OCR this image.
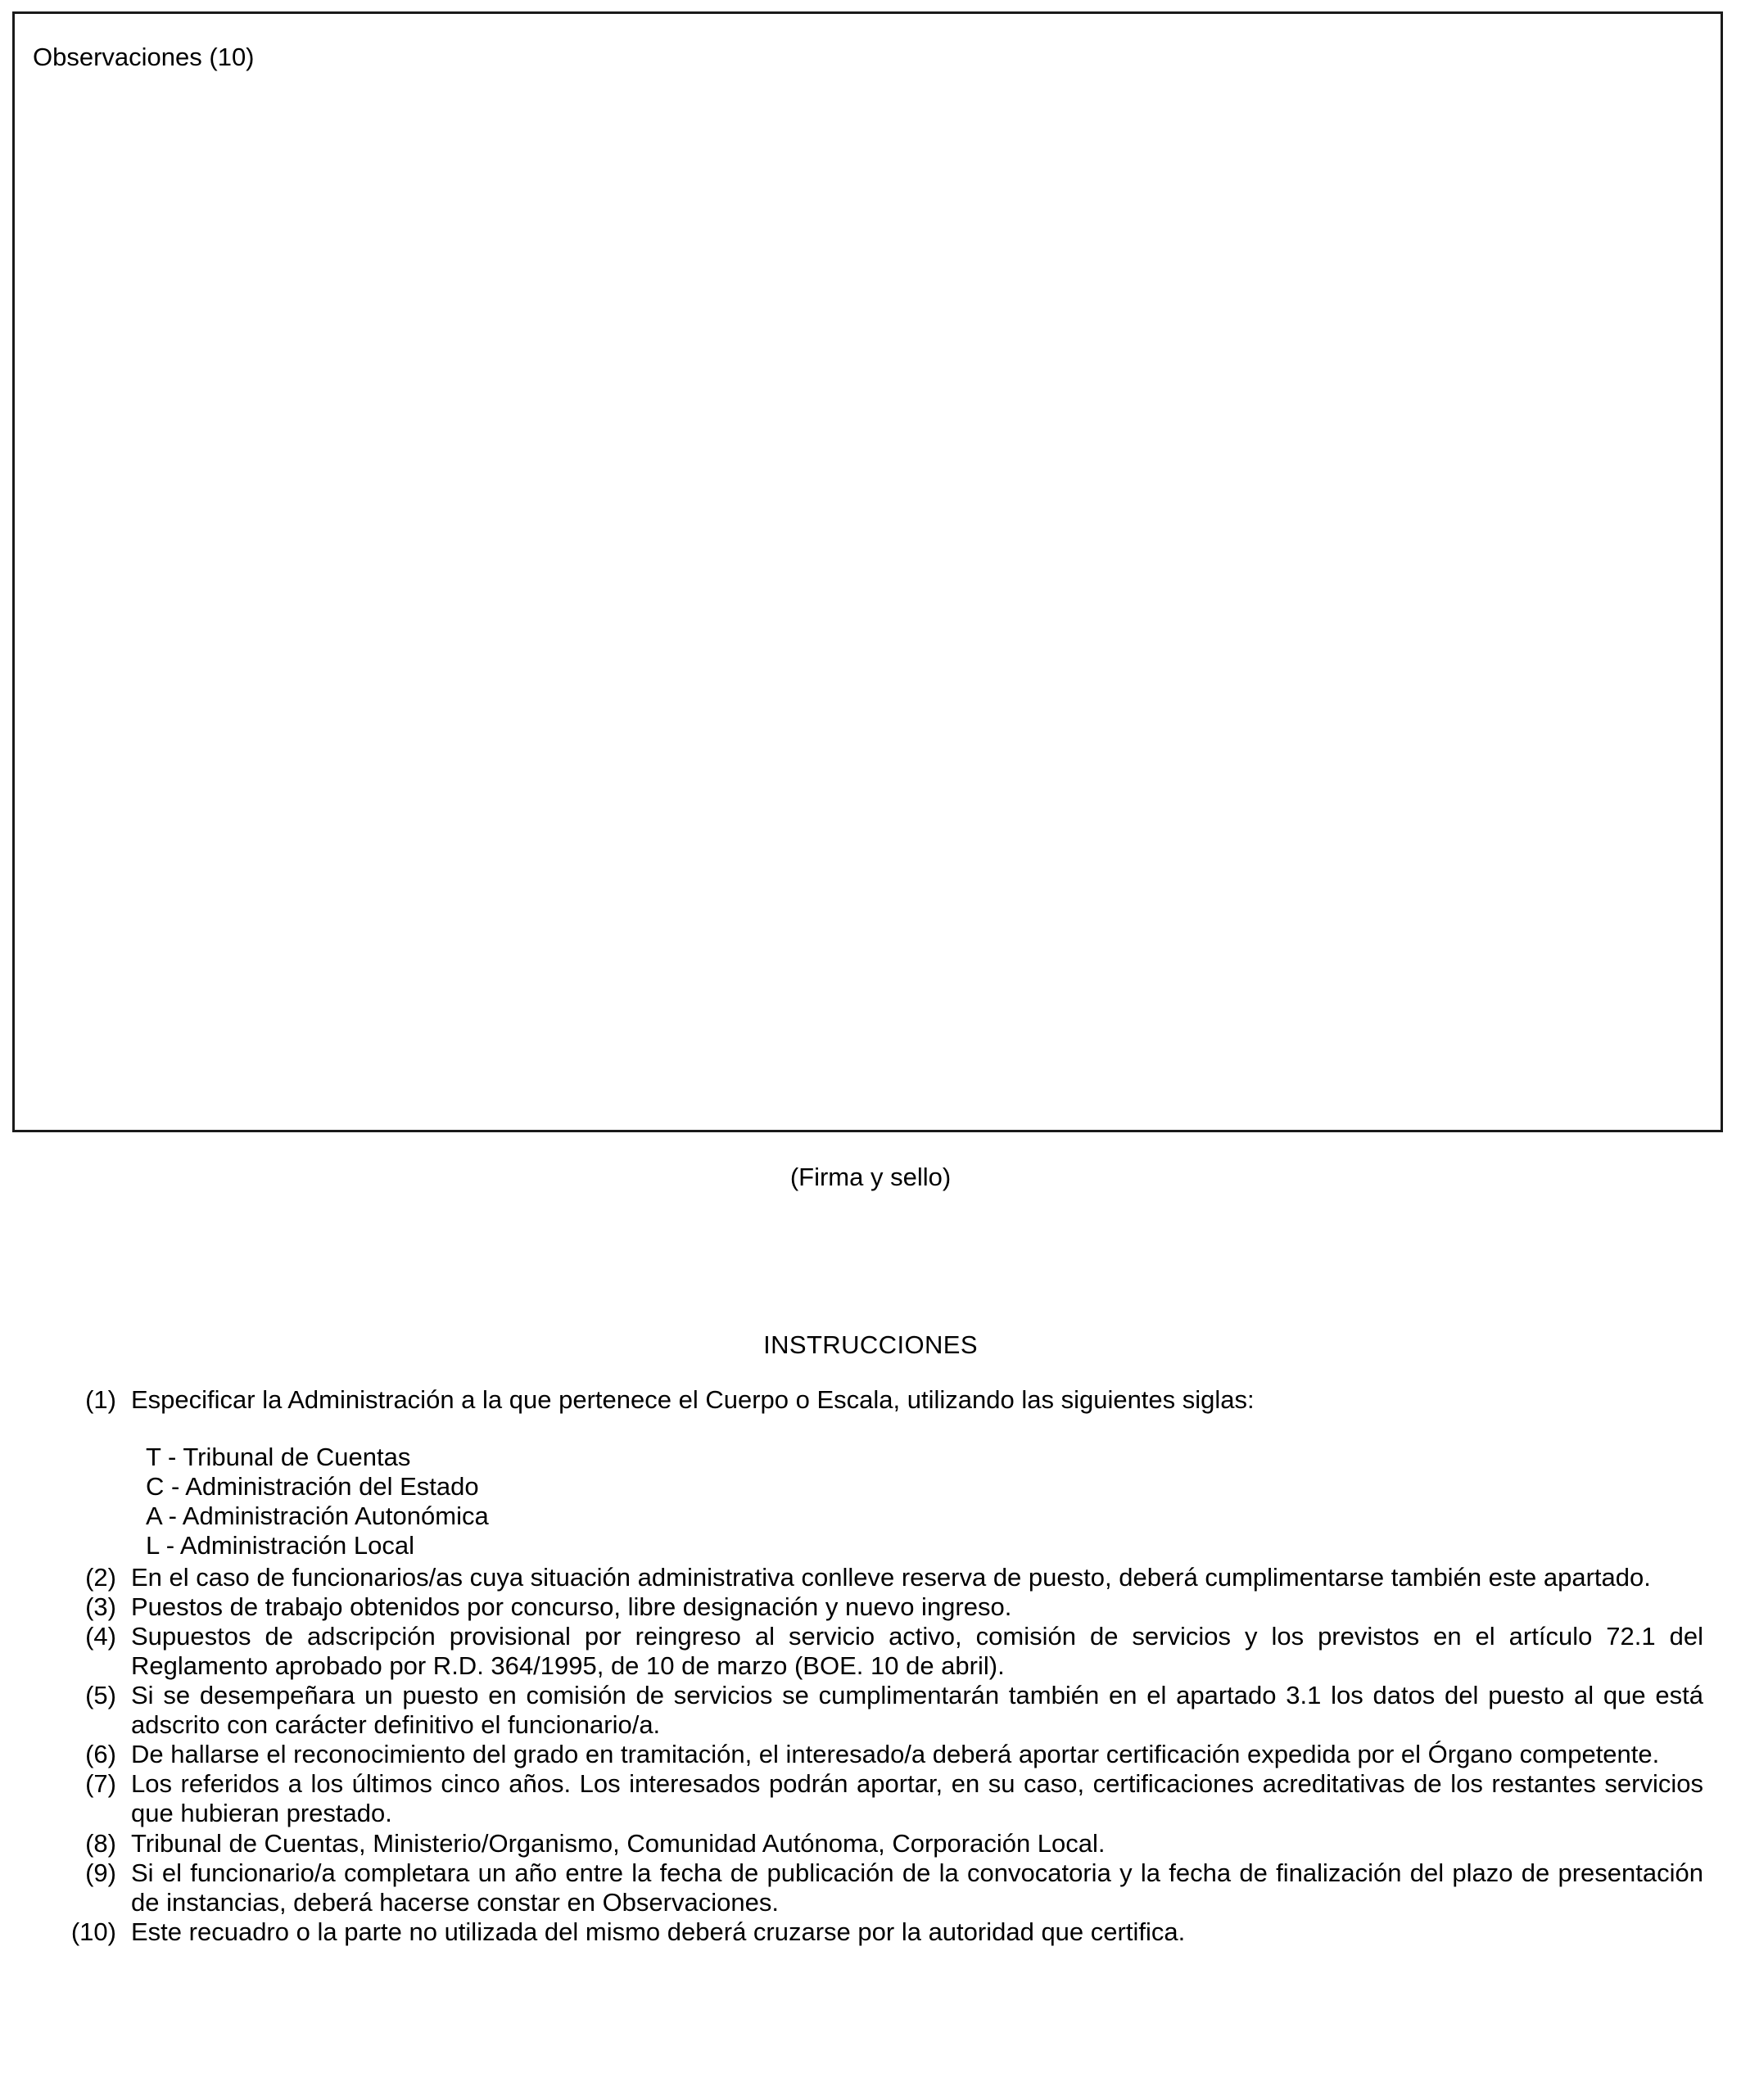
Observaciones (10)
(Firma y sello)
INSTRUCCIONES
(1) Especificar la Administración a la que pertenece el Cuerpo o Escala, utilizando las siguientes siglas:
T - Tribunal de Cuentas
C - Administración del Estado
A - Administración Autonómica
L - Administración Local
(2) En el caso de funcionarios/as cuya situación administrativa conlleve reserva de puesto, deberá cumplimentarse también este apartado.
(3) Puestos de trabajo obtenidos por concurso, libre designación y nuevo ingreso.
(4) Supuestos de adscripción provisional por reingreso al servicio activo, comisión de servicios y los previstos en el artículo 72.1 del Reglamento aprobado por R.D. 364/1995, de 10 de marzo (BOE. 10 de abril).
(5) Si se desempeñara un puesto en comisión de servicios se cumplimentarán también en el apartado 3.1 los datos del puesto al que está adscrito con carácter definitivo el funcionario/a.
(6) De hallarse el reconocimiento del grado en tramitación, el interesado/a deberá aportar certificación expedida por el Órgano competente.
(7) Los referidos a los últimos cinco años. Los interesados podrán aportar, en su caso, certificaciones acreditativas de los restantes servicios que hubieran prestado.
(8) Tribunal de Cuentas, Ministerio/Organismo, Comunidad Autónoma, Corporación Local.
(9) Si el funcionario/a completara un año entre la fecha de publicación de la convocatoria y la fecha de finalización del plazo de presentación de instancias, deberá hacerse constar en Observaciones.
(10) Este recuadro o la parte no utilizada del mismo deberá cruzarse por la autoridad que certifica.
